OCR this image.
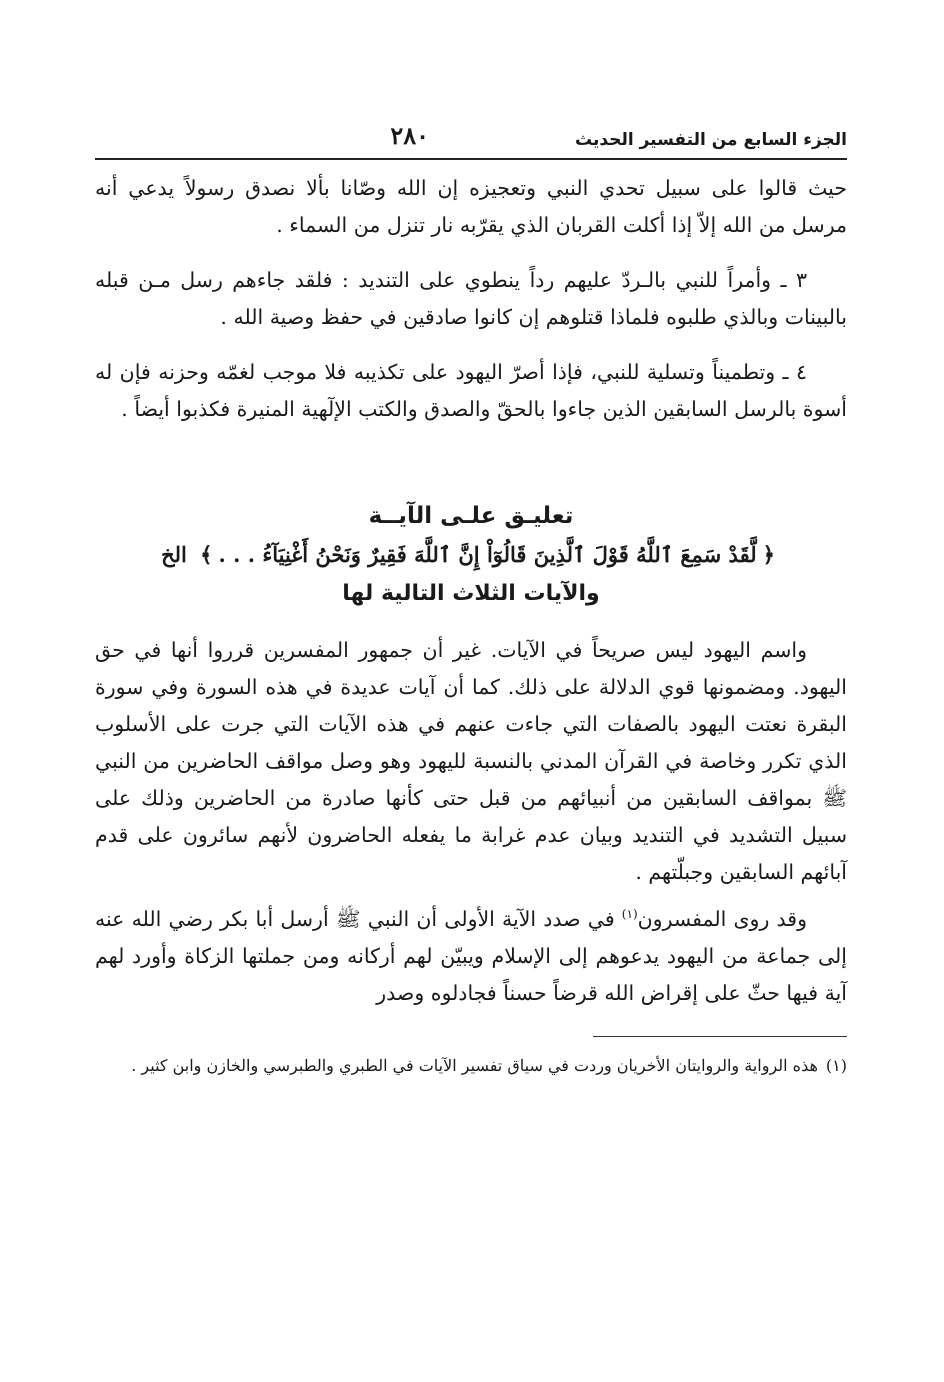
الجزء السابع من التفسير الحديث
٢٨٠

حيث قالوا على سبيل تحدي النبي وتعجيزه إن الله وصّانا بألا نصدق رسولاً يدعي أنه مرسل من الله إلاّ إذا أكلت القربان الذي يقرّبه نار تنزل من السماء .

٣ ـ وأمراً للنبي بالـردّ عليهم رداً ينطوي على التنديد : فلقد جاءهم رسل مـن قبله بالبينات وبالذي طلبوه فلماذا قتلوهم إن كانوا صادقين في حفظ وصية الله .

٤ ـ وتطميناً وتسلية للنبي، فإذا أصرّ اليهود على تكذيبه فلا موجب لغمّه وحزنه فإن له أسوة بالرسل السابقين الذين جاءوا بالحقّ والصدق والكتب الإلٓهية المنيرة فكذبوا أيضاً .

تعليـق علـى الآيــة
﴿لَّقَدْ سَمِعَ ٱللَّهُ قَوْلَ ٱلَّذِينَ قَالُوٓاْ إِنَّ ٱللَّهَ فَقِيرٌ وَنَحْنُ أَغْنِيَآءُ . . .﴾ الخ
والآيات الثلاث التالية لها

واسم اليهود ليس صريحاً في الآيات. غير أن جمهور المفسرين قرروا أنها في حق اليهود. ومضمونها قوي الدلالة على ذلك. كما أن آيات عديدة في هذه السورة وفي سورة البقرة نعتت اليهود بالصفات التي جاءت عنهم في هذه الآيات التي جرت على الأسلوب الذي تكرر وخاصة في القرآن المدني بالنسبة لليهود وهو وصل مواقف الحاضرين من النبي ﷺ بمواقف السابقين من أنبيائهم من قبل حتى كأنها صادرة من الحاضرين وذلك على سبيل التشديد في التنديد وبيان عدم غرابة ما يفعله الحاضرون لأنهم سائرون على قدم آبائهم السابقين وجبلّتهم .

وقد روى المفسرون$^{(١)}$ في صدد الآية الأولى أن النبي ﷺ أرسل أبا بكر رضي الله عنه إلى جماعة من اليهود يدعوهم إلى الإسلام ويبيّن لهم أركانه ومن جملتها الزكاة وأورد لهم آية فيها حثّ على إقراض الله قرضاً حسناً فجادلوه وصدر

(١)هذه الرواية والروايتان الأخريان وردت في سياق تفسير الآيات في الطبري والطبرسي والخازن وابن كثير .
